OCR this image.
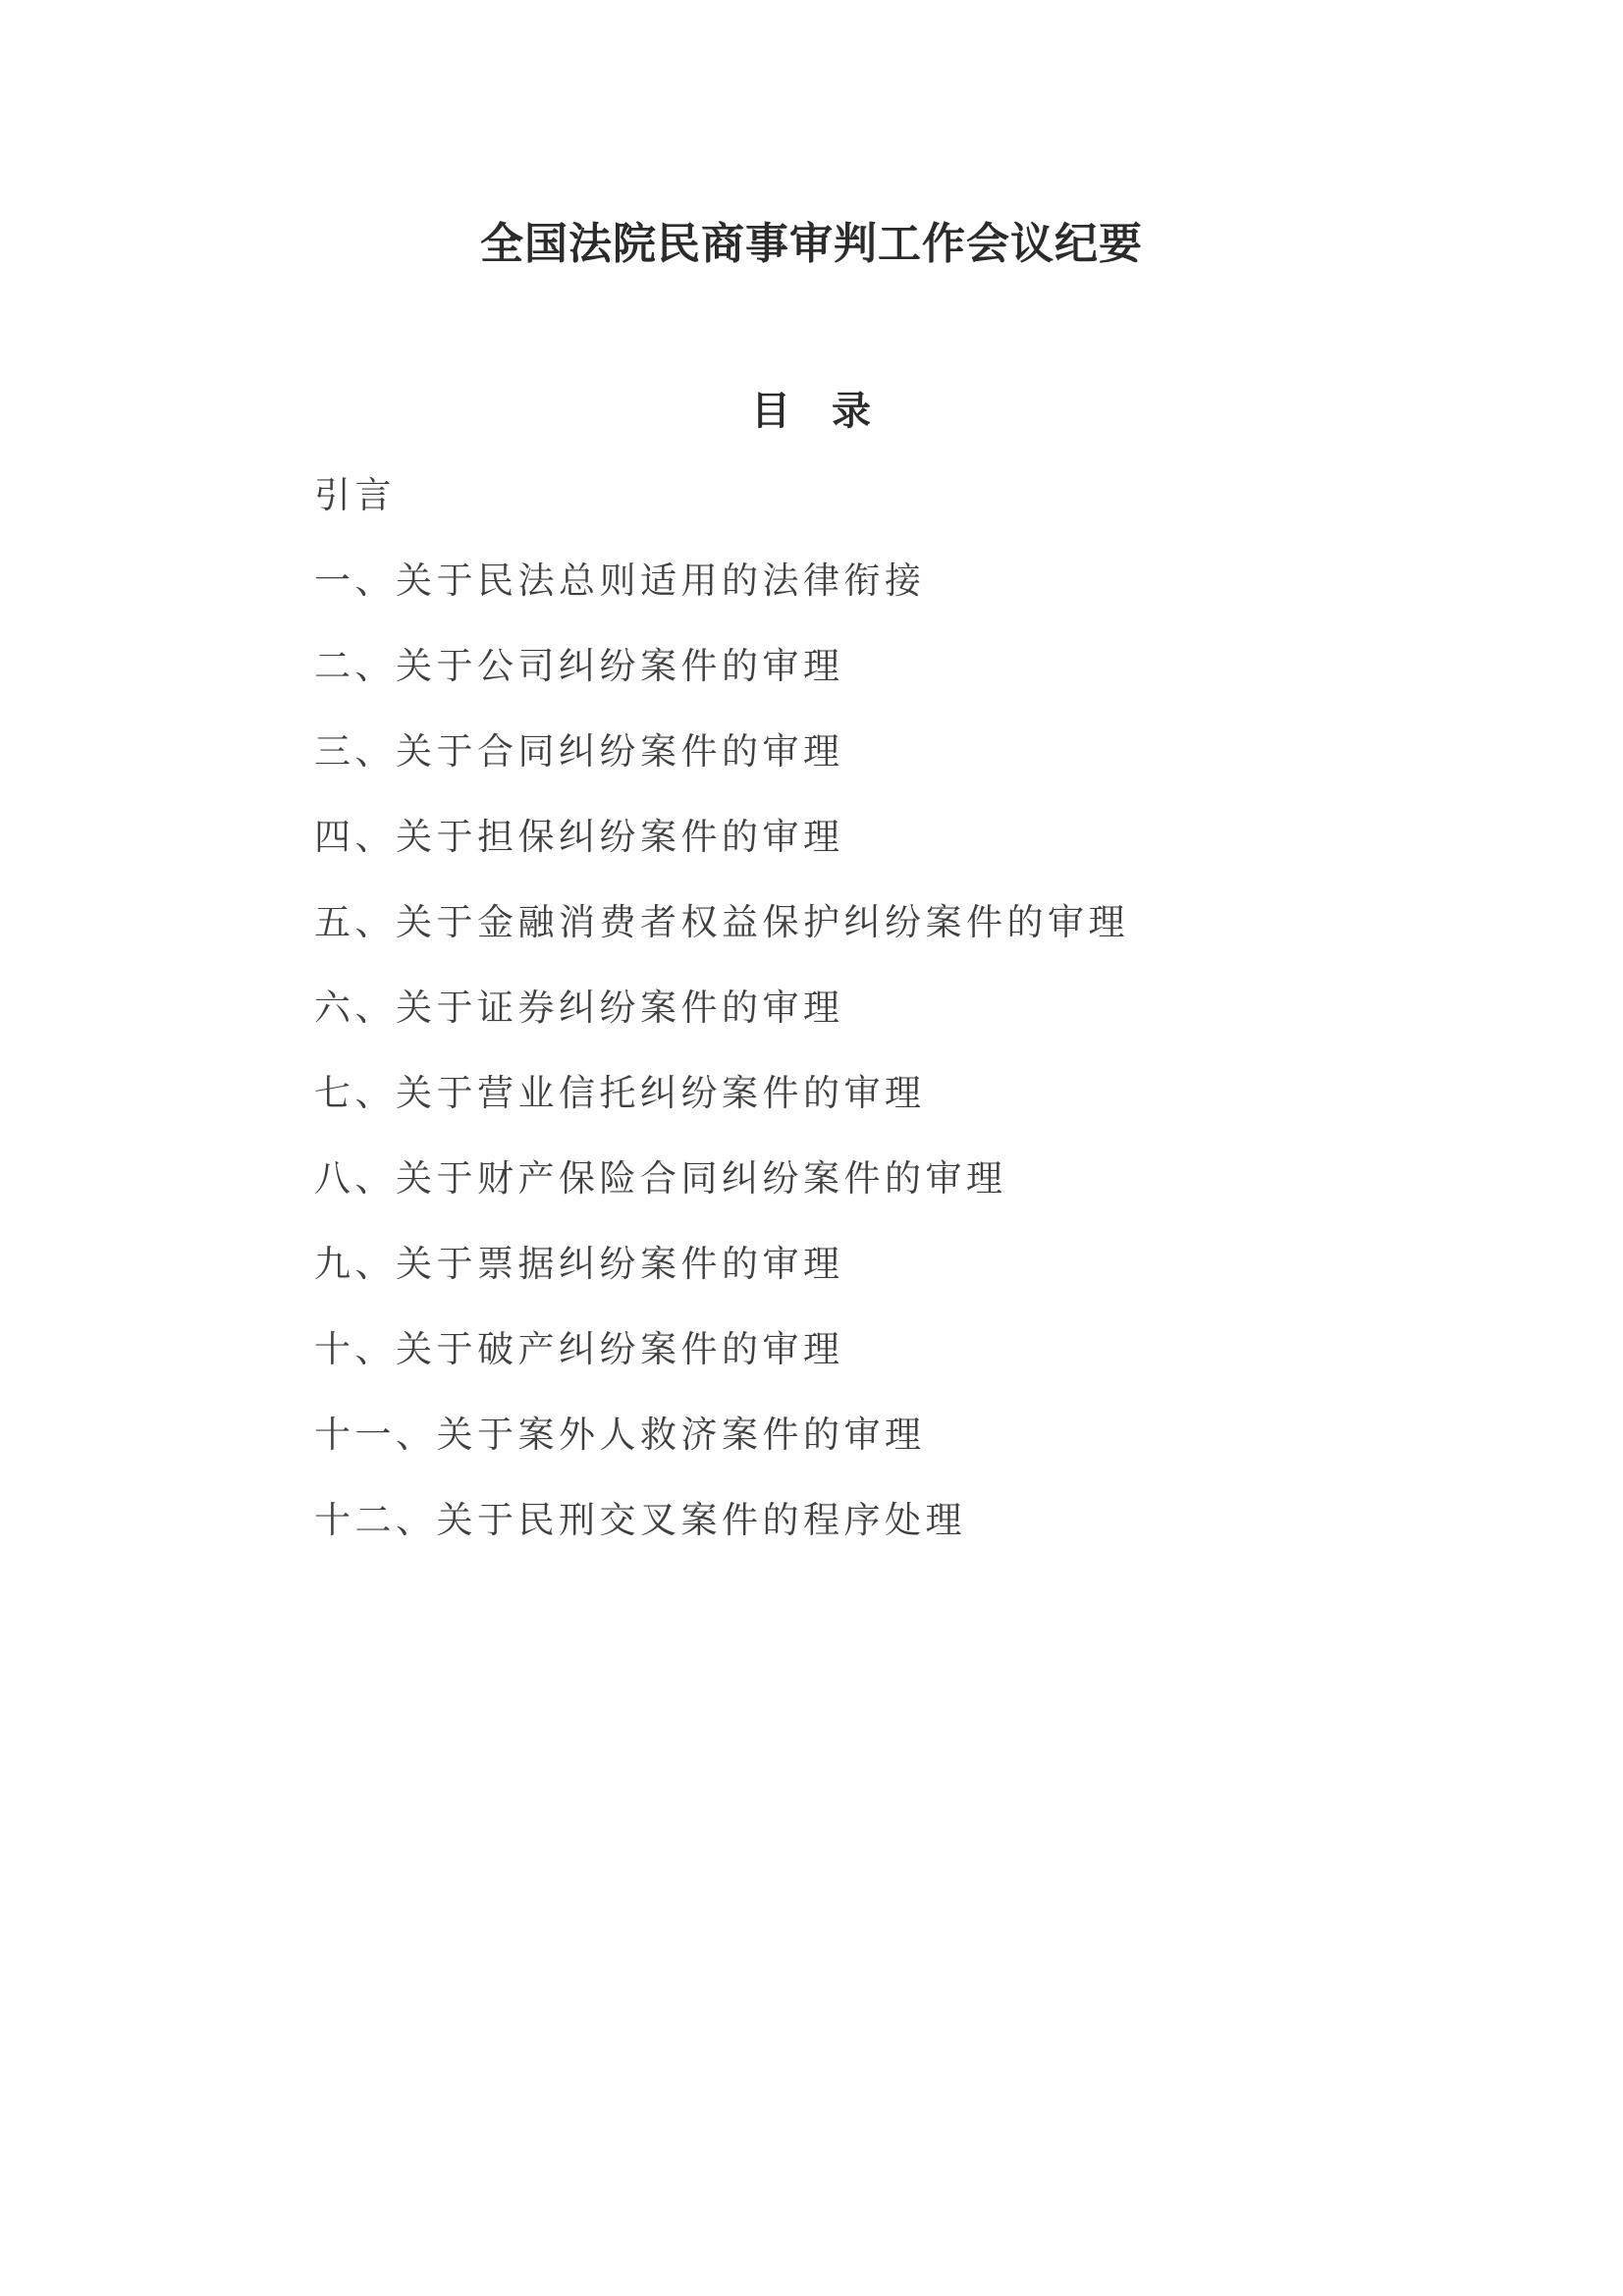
全国法院民商事审判工作会议纪要
目　录
引言
一、关于民法总则适用的法律衔接
二、关于公司纠纷案件的审理
三、关于合同纠纷案件的审理
四、关于担保纠纷案件的审理
五、关于金融消费者权益保护纠纷案件的审理
六、关于证券纠纷案件的审理
七、关于营业信托纠纷案件的审理
八、关于财产保险合同纠纷案件的审理
九、关于票据纠纷案件的审理
十、关于破产纠纷案件的审理
十一、关于案外人救济案件的审理
十二、关于民刑交叉案件的程序处理
